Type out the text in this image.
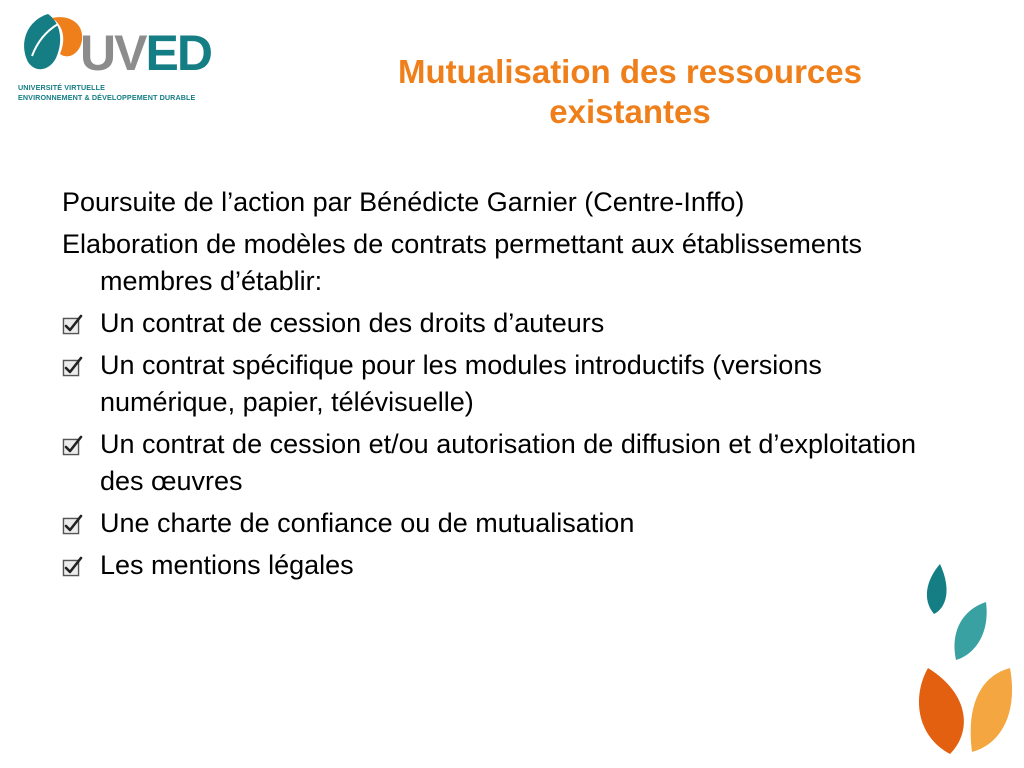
UVED
UNIVERSITÉ VIRTUELLE
ENVIRONNEMENT & DÉVELOPPEMENT DURABLE
Mutualisation des ressources
existantes

Poursuite de l’action par Bénédicte Garnier (Centre-Inffo)

Elaboration de modèles de contrats permettant aux établissements membres d’établir:

Un contrat de cession des droits d’auteurs
Un contrat spécifique pour les modules introductifs (versions numérique, papier, télévisuelle)
Un contrat de cession et/ou autorisation de diffusion et d’exploitation des œuvres
Une charte de confiance ou de mutualisation
Les mentions légales
